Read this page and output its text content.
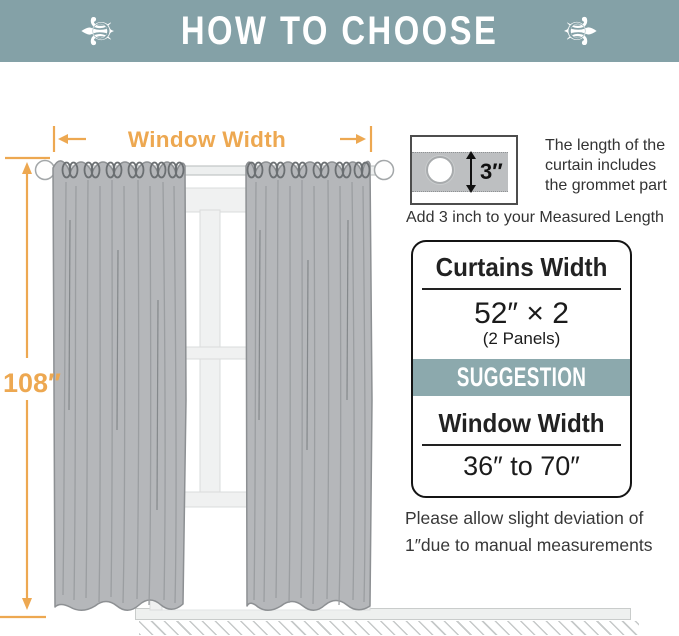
⚜ HOW TO CHOOSE ⚜
Window Width
108″
3″
The length of the curtain includes the grommet part
Add 3 inch to your Measured Length
Curtains Width
52″ × 2
(2 Panels)
SUGGESTION
Window Width
36″ to 70″
Please allow slight deviation of
1″due to manual measurements
